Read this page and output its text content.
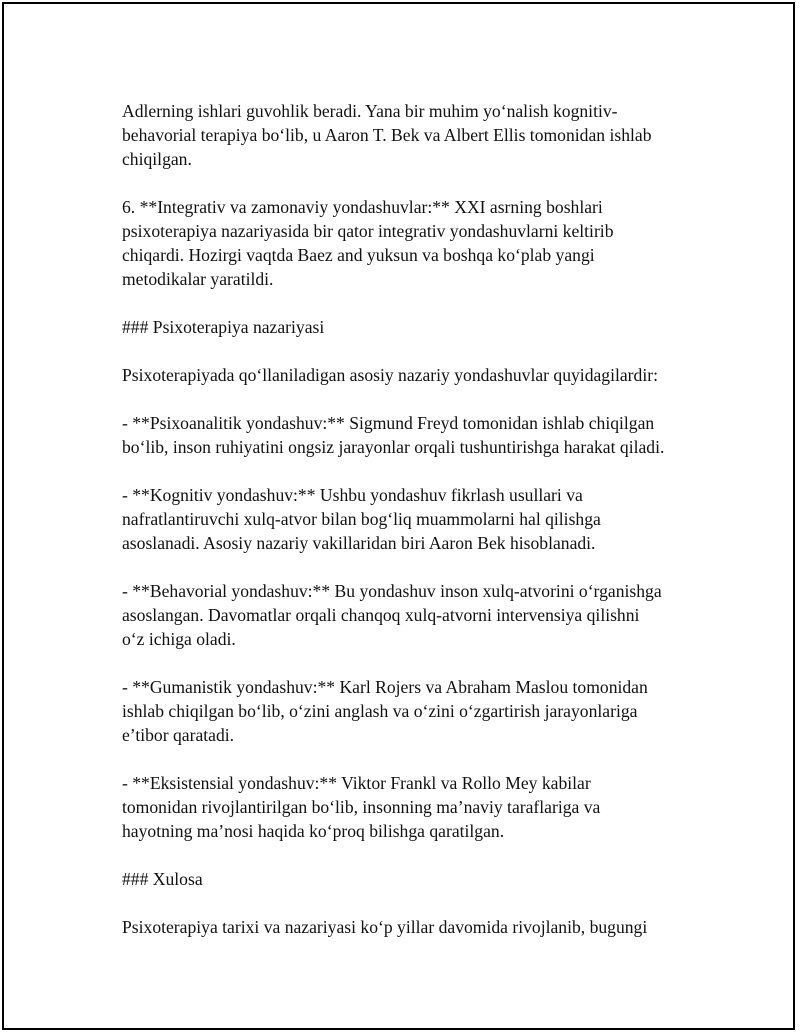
Adlerning ishlari guvohlik beradi. Yana bir muhim yo‘nalish kognitiv-
behavorial terapiya bo‘lib, u Aaron T. Bek va Albert Ellis tomonidan ishlab
chiqilgan.
6. **Integrativ va zamonaviy yondashuvlar:** XXI asrning boshlari
psixoterapiya nazariyasida bir qator integrativ yondashuvlarni keltirib
chiqardi. Hozirgi vaqtda Baez and yuksun va boshqa ko‘plab yangi
metodikalar yaratildi.
### Psixoterapiya nazariyasi
Psixoterapiyada qo‘llaniladigan asosiy nazariy yondashuvlar quyidagilardir:
- **Psixoanalitik yondashuv:** Sigmund Freyd tomonidan ishlab chiqilgan
bo‘lib, inson ruhiyatini ongsiz jarayonlar orqali tushuntirishga harakat qiladi.
- **Kognitiv yondashuv:** Ushbu yondashuv fikrlash usullari va
nafratlantiruvchi xulq-atvor bilan bog‘liq muammolarni hal qilishga
asoslanadi. Asosiy nazariy vakillaridan biri Aaron Bek hisoblanadi.
- **Behavorial yondashuv:** Bu yondashuv inson xulq-atvorini o‘rganishga
asoslangan. Davomatlar orqali chanqoq xulq-atvorni intervensiya qilishni
o‘z ichiga oladi.
- **Gumanistik yondashuv:** Karl Rojers va Abraham Maslou tomonidan
ishlab chiqilgan bo‘lib, o‘zini anglash va o‘zini o‘zgartirish jarayonlariga
e’tibor qaratadi.
- **Eksistensial yondashuv:** Viktor Frankl va Rollo Mey kabilar
tomonidan rivojlantirilgan bo‘lib, insonning ma’naviy taraflariga va
hayotning ma’nosi haqida ko‘proq bilishga qaratilgan.
### Xulosa
Psixoterapiya tarixi va nazariyasi ko‘p yillar davomida rivojlanib, bugungi
